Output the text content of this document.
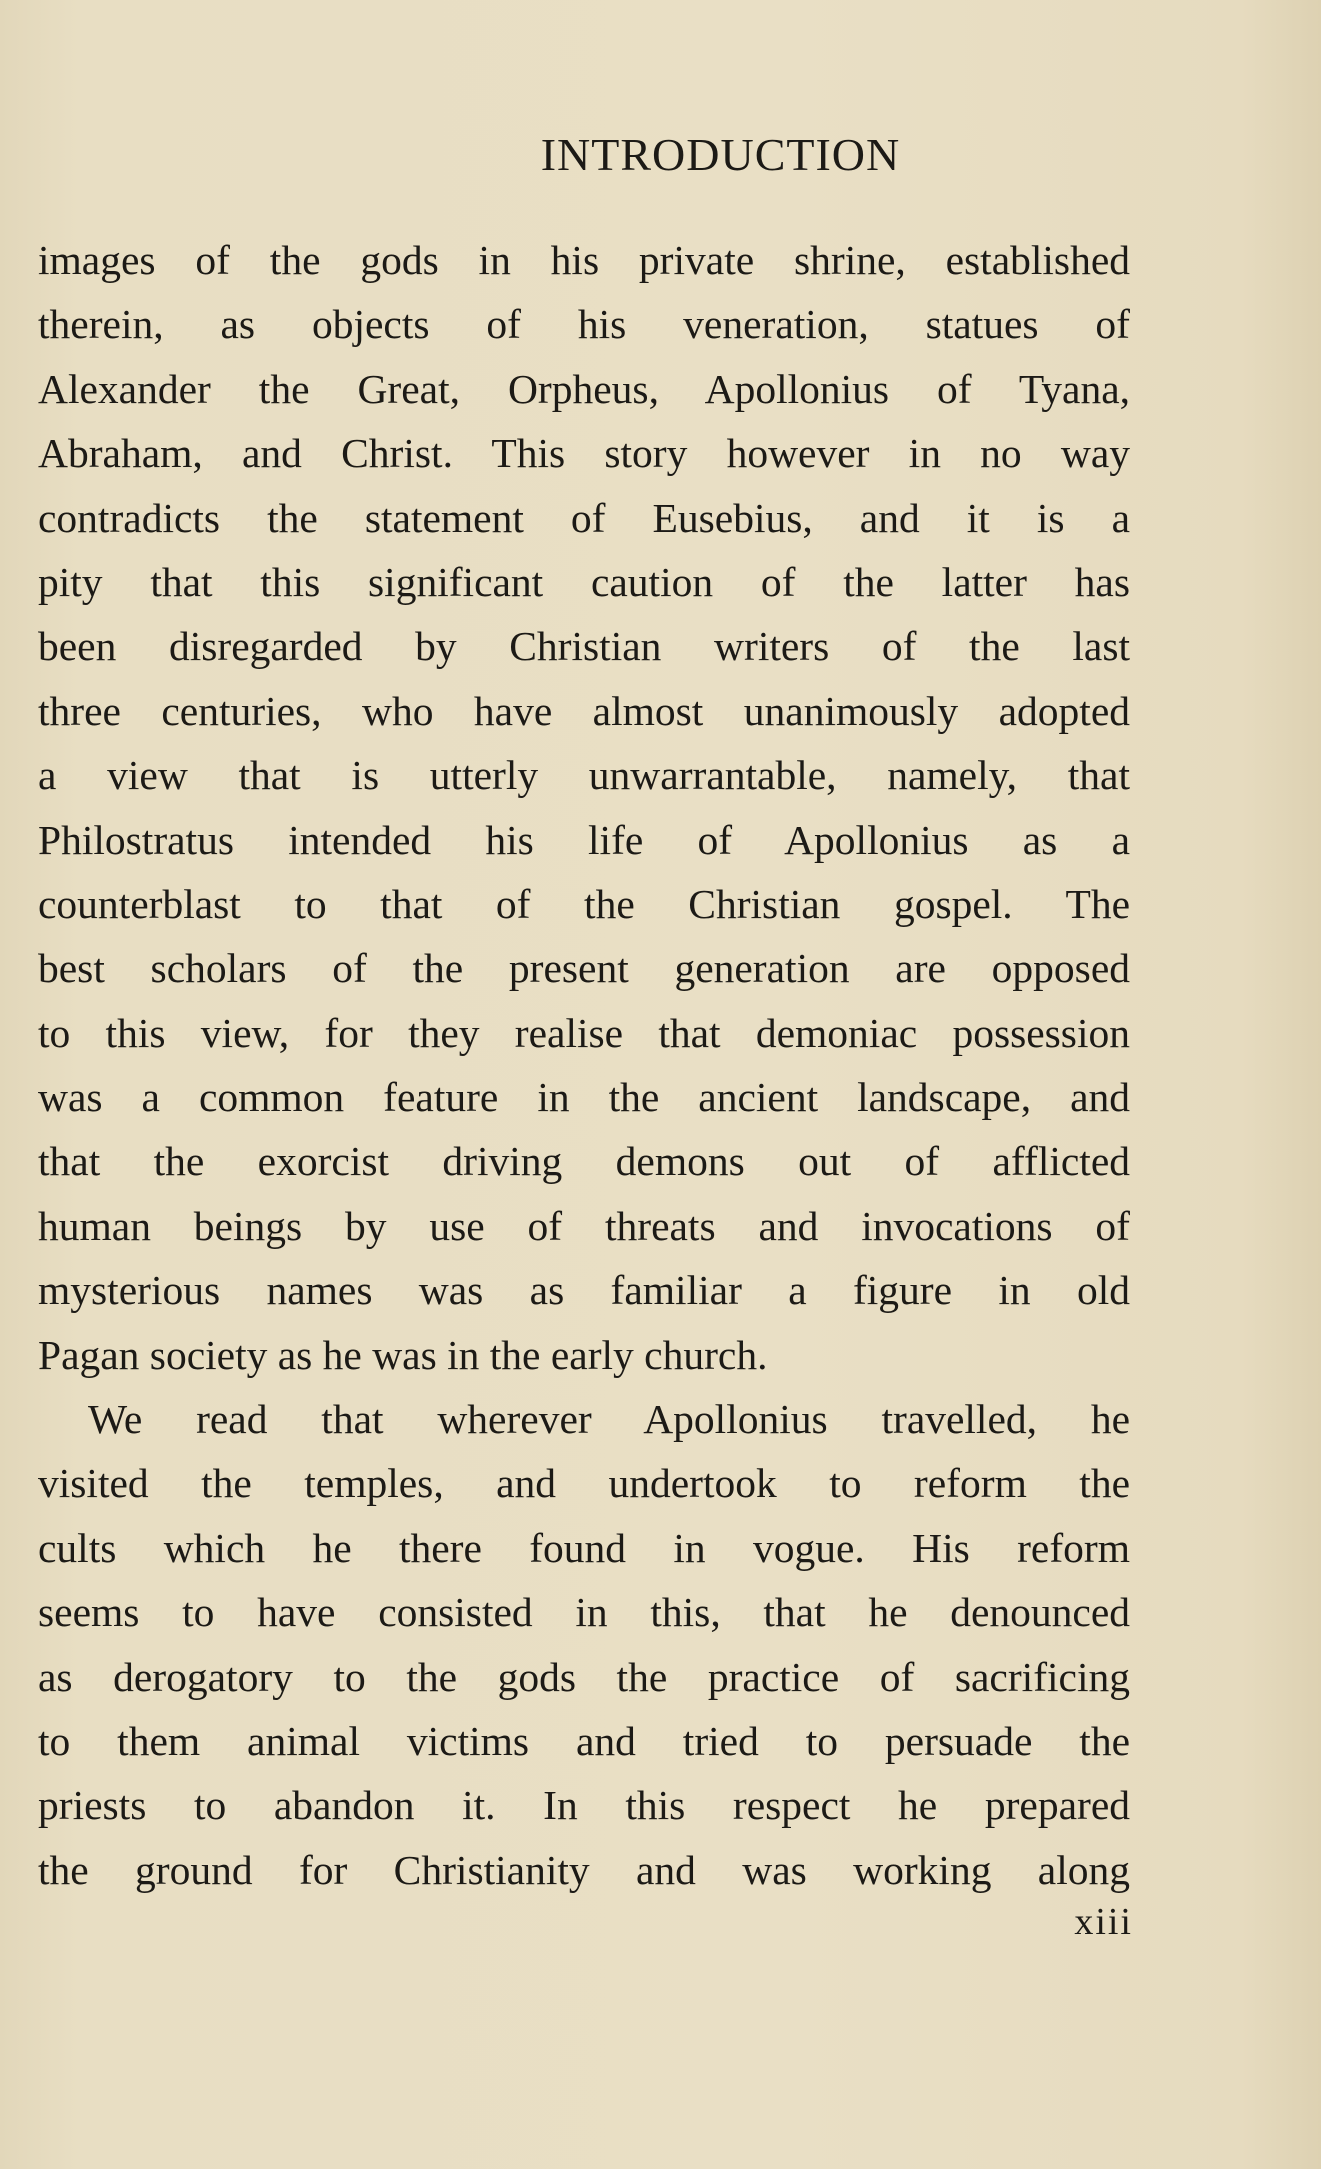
INTRODUCTION
images of the gods in his private shrine, established
therein, as objects of his veneration, statues of
Alexander the Great, Orpheus, Apollonius of Tyana,
Abraham, and Christ. This story however in no way
contradicts the statement of Eusebius, and it is a
pity that this significant caution of the latter has
been disregarded by Christian writers of the last
three centuries, who have almost unanimously adopted
a view that is utterly unwarrantable, namely, that
Philostratus intended his life of Apollonius as a
counterblast to that of the Christian gospel. The
best scholars of the present generation are opposed
to this view, for they realise that demoniac possession
was a common feature in the ancient landscape, and
that the exorcist driving demons out of afflicted
human beings by use of threats and invocations of
mysterious names was as familiar a figure in old
Pagan society as he was in the early church.
We read that wherever Apollonius travelled, he
visited the temples, and undertook to reform the
cults which he there found in vogue. His reform
seems to have consisted in this, that he denounced
as derogatory to the gods the practice of sacrificing
to them animal victims and tried to persuade the
priests to abandon it. In this respect he prepared
the ground for Christianity and was working along
xiii
